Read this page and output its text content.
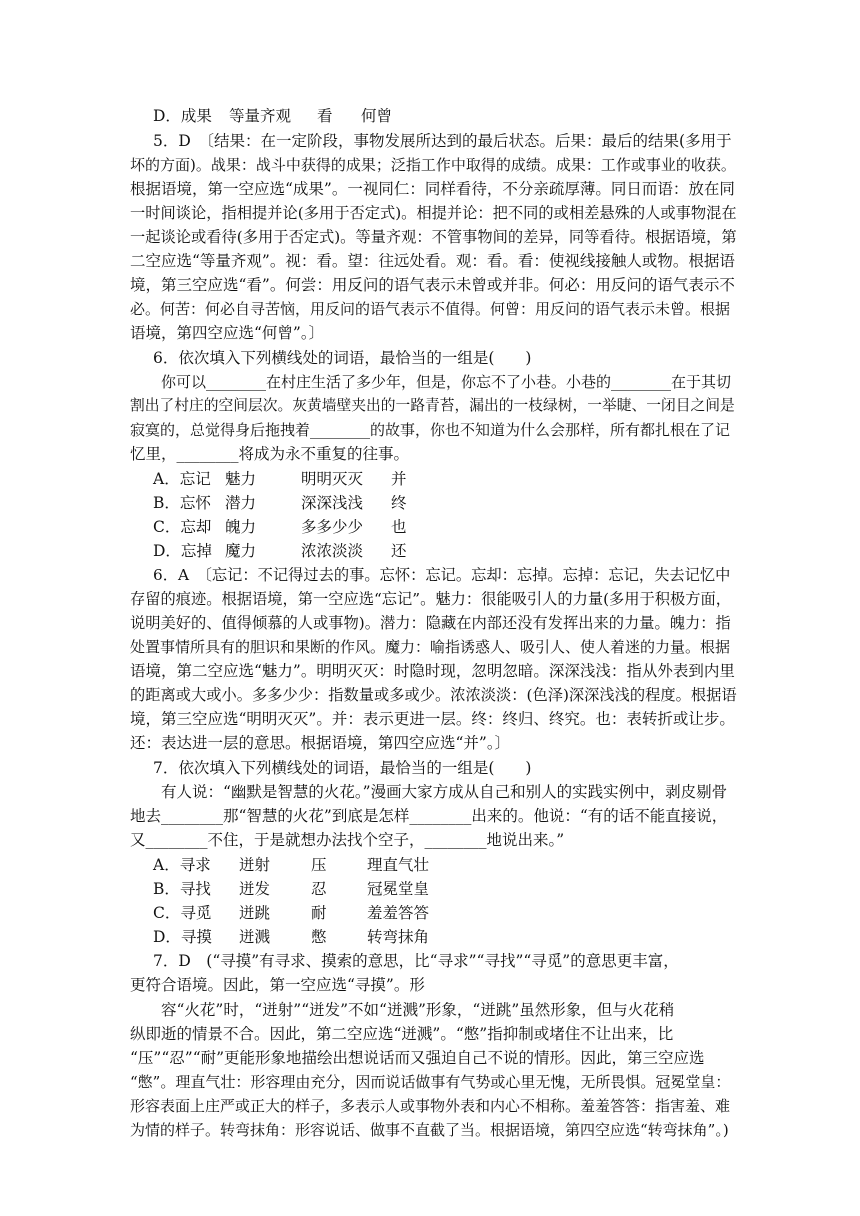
D．成果 等量齐观 看 何曾
5．D　〔结果：在一定阶段，事物发展所达到的最后状态。后果：最后的结果(多用于
坏的方面)。战果：战斗中获得的成果；泛指工作中取得的成绩。成果：工作或事业的收获。
根据语境，第一空应选“成果”。一视同仁：同样看待，不分亲疏厚薄。同日而语：放在同
一时间谈论，指相提并论(多用于否定式)。相提并论：把不同的或相差悬殊的人或事物混在
一起谈论或看待(多用于否定式)。等量齐观：不管事物间的差异，同等看待。根据语境，第
二空应选“等量齐观”。视：看。望：往远处看。观：看。看：使视线接触人或物。根据语
境，第三空应选“看”。何尝：用反问的语气表示未曾或并非。何必：用反问的语气表示不
必。何苦：何必自寻苦恼，用反问的语气表示不值得。何曾：用反问的语气表示未曾。根据
语境，第四空应选“何曾”。〕
6．依次填入下列横线处的词语，最恰当的一组是(　　)
你可以________在村庄生活了多少年，但是，你忘不了小巷。小巷的________在于其切
割出了村庄的空间层次。灰黄墙壁夹出的一路青苔，漏出的一枝绿树，一举睫、一闭目之间是
寂寞的，总觉得身后拖拽着________的故事，你也不知道为什么会那样，所有都扎根在了记
忆里，________将成为永不重复的往事。
A．忘记 魅力	明明灭灭 并
B．忘怀 潜力	深深浅浅 终
C．忘却 魄力	多多少少 也
D．忘掉 魔力	浓浓淡淡 还
6．A　〔忘记：不记得过去的事。忘怀：忘记。忘却：忘掉。忘掉：忘记，失去记忆中
存留的痕迹。根据语境，第一空应选“忘记”。魅力：很能吸引人的力量(多用于积极方面，
说明美好的、值得倾慕的人或事物)。潜力：隐藏在内部还没有发挥出来的力量。魄力：指
处置事情所具有的胆识和果断的作风。魔力：喻指诱惑人、吸引人、使人着迷的力量。根据
语境，第二空应选“魅力”。明明灭灭：时隐时现，忽明忽暗。深深浅浅：指从外表到内里
的距离或大或小。多多少少：指数量或多或少。浓浓淡淡：(色泽)深深浅浅的程度。根据语
境，第三空应选“明明灭灭”。并：表示更进一层。终：终归、终究。也：表转折或让步。
还：表达进一层的意思。根据语境，第四空应选“并”。〕
7．依次填入下列横线处的词语，最恰当的一组是(　　)
有人说：“幽默是智慧的火花。”漫画大家方成从自己和别人的实践实例中，剥皮剔骨
地去________那“智慧的火花”到底是怎样________出来的。他说：“有的话不能直接说，
又________不住，于是就想办法找个空子，________地说出来。”
A．寻求 迸射	压	理直气壮
B．寻找 迸发	忍	冠冕堂皇
C．寻觅 迸跳	耐	羞羞答答
D．寻摸 迸溅	憋	转弯抹角
7．D　(“寻摸”有寻求、摸索的意思，比“寻求”“寻找”“寻觅”的意思更丰富，
更符合语境。因此，第一空应选“寻摸”。形
容“火花”时，“迸射”“迸发”不如“迸溅”形象，“迸跳”虽然形象，但与火花稍
纵即逝的情景不合。因此，第二空应选“迸溅”。“憋”指抑制或堵住不让出来，比
“压”“忍”“耐”更能形象地描绘出想说话而又强迫自己不说的情形。因此，第三空应选
“憋”。理直气壮：形容理由充分，因而说话做事有气势或心里无愧，无所畏惧。冠冕堂皇：
形容表面上庄严或正大的样子，多表示人或事物外表和内心不相称。羞羞答答：指害羞、难
为情的样子。转弯抹角：形容说话、做事不直截了当。根据语境，第四空应选“转弯抹角”。)
